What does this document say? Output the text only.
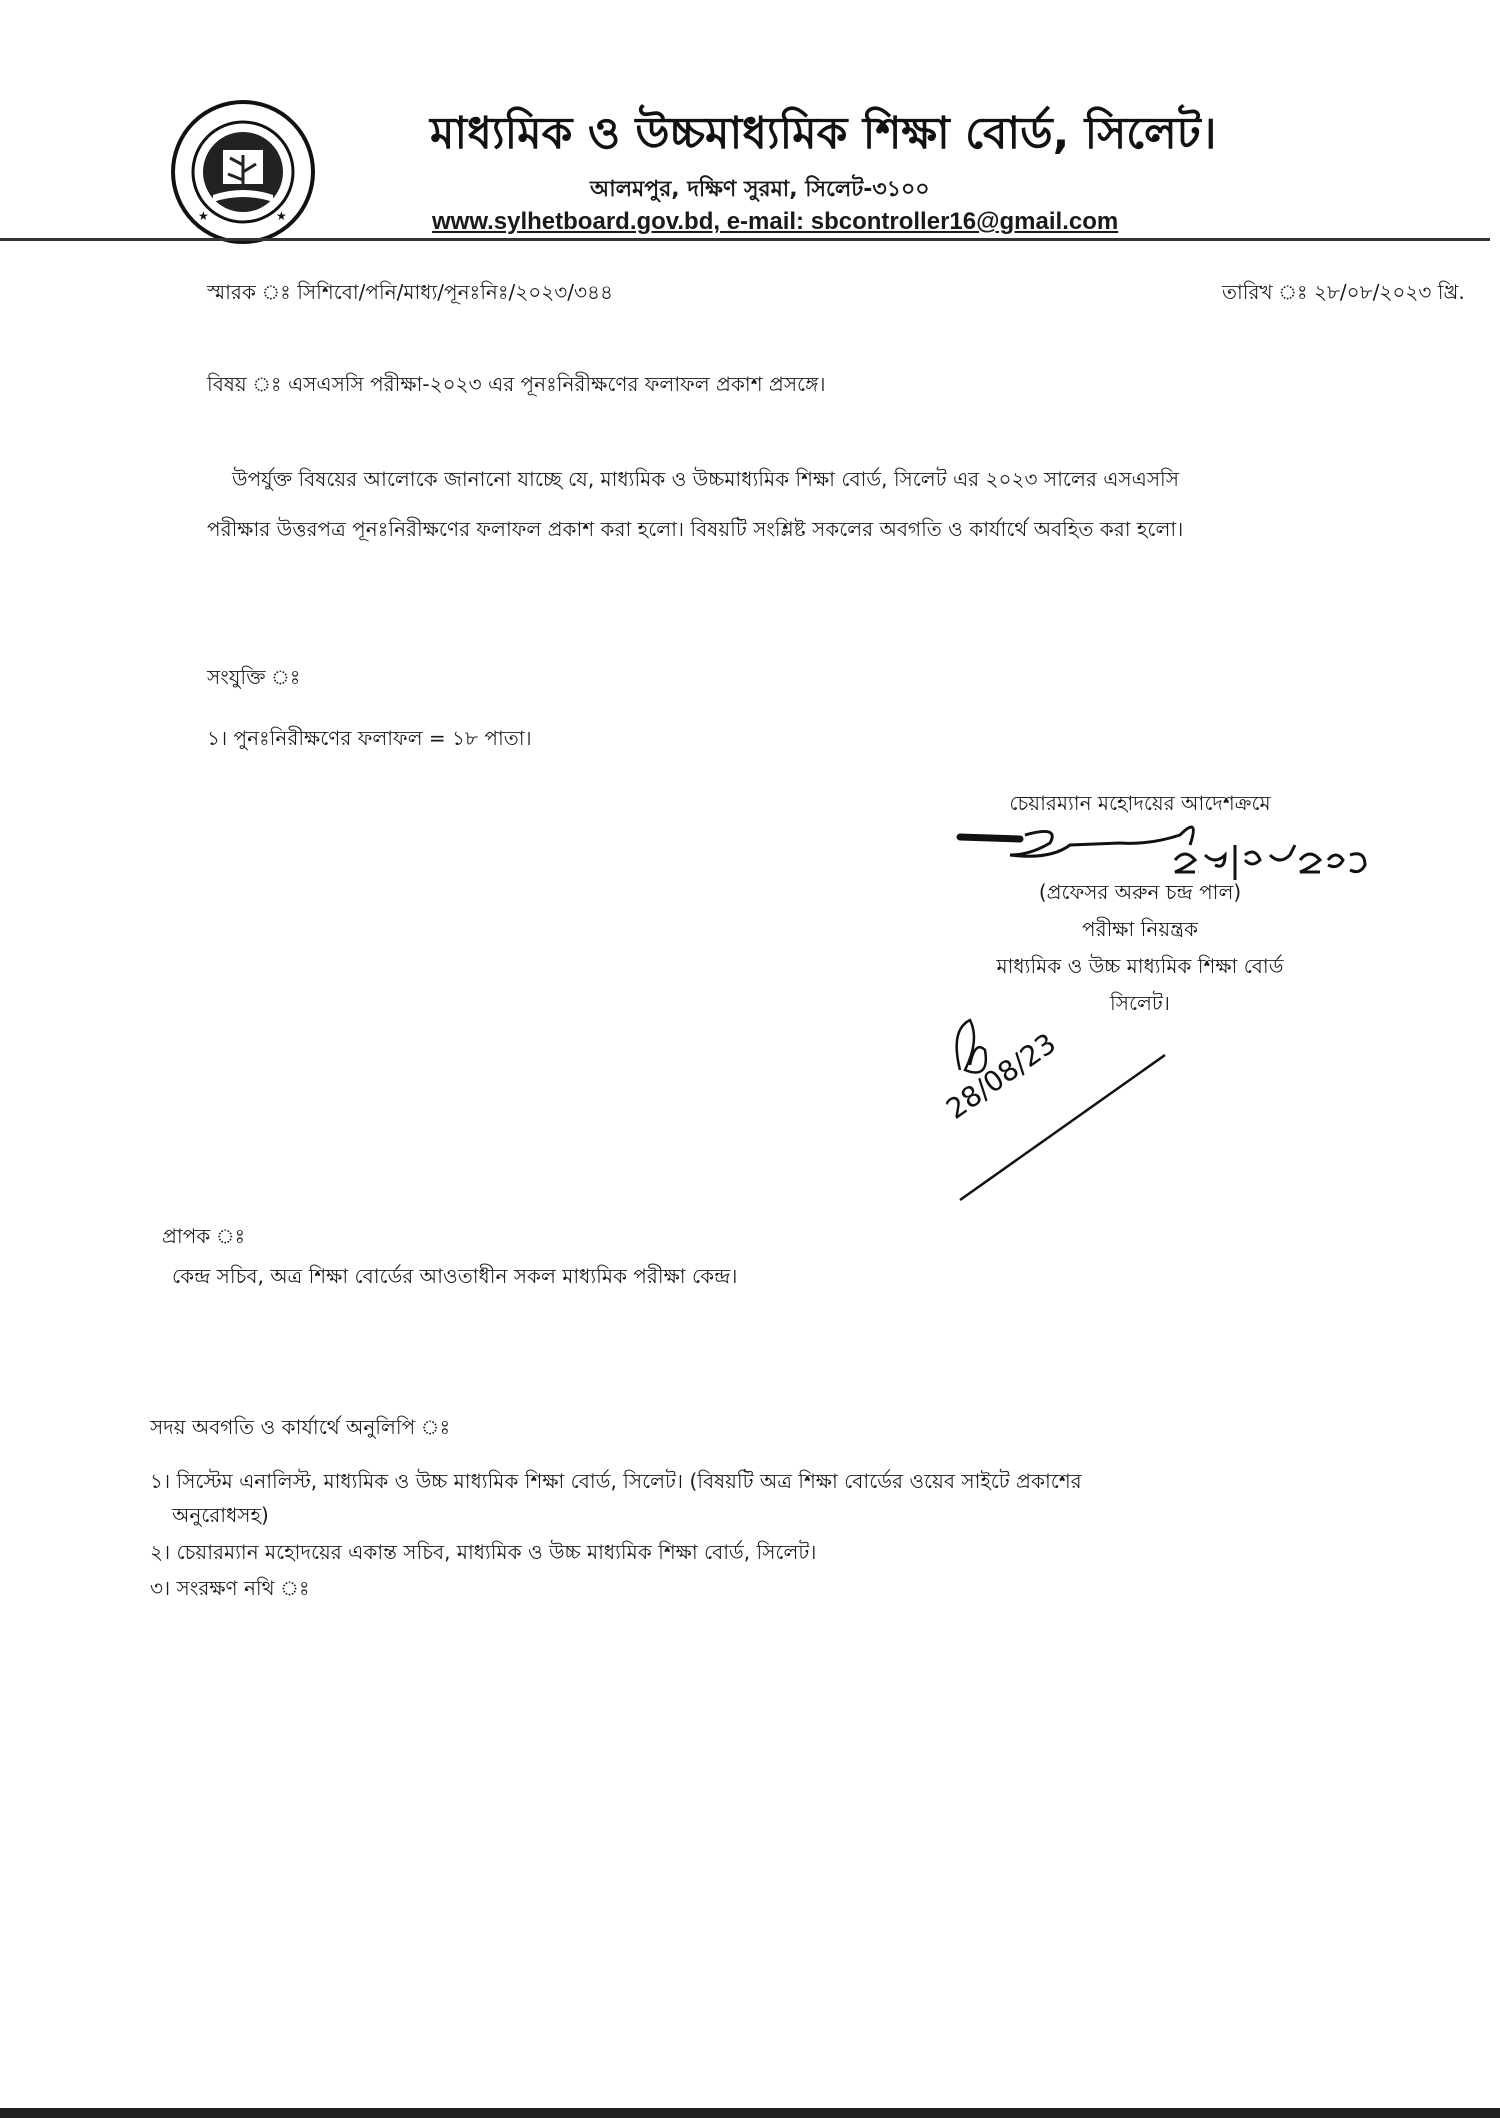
★	★
মাধ্যমিক ও উচ্চমাধ্যমিক শিক্ষা বোর্ড, সিলেট।
আলমপুর, দক্ষিণ সুরমা, সিলেট-৩১০০
www.sylhetboard.gov.bd, e-mail: sbcontroller16@gmail.com
স্মারক ঃ সিশিবো/পনি/মাধ্য/পূনঃনিঃ/২০২৩/৩৪৪	তারিখ ঃ ২৮/০৮/২০২৩ খ্রি.
বিষয় ঃ এসএসসি পরীক্ষা-২০২৩ এর পূনঃনিরীক্ষণের ফলাফল প্রকাশ প্রসঙ্গে।
উপর্যুক্ত বিষয়ের আলোকে জানানো যাচ্ছে যে, মাধ্যমিক ও উচ্চমাধ্যমিক শিক্ষা বোর্ড, সিলেট এর ২০২৩ সালের এসএসসি
পরীক্ষার উত্তরপত্র পূনঃনিরীক্ষণের ফলাফল প্রকাশ করা হলো। বিষয়টি সংশ্লিষ্ট সকলের অবগতি ও কার্যার্থে অবহিত করা হলো।
সংযুক্তি ঃ
১। পুনঃনিরীক্ষণের ফলাফল = ১৮ পাতা।
চেয়ারম্যান মহোদয়ের আদেশক্রমে
(প্রফেসর অরুন চন্দ্র পাল)
পরীক্ষা নিয়ন্ত্রক
মাধ্যমিক ও উচ্চ মাধ্যমিক শিক্ষা বোর্ড
সিলেট।
28/08/23
প্রাপক ঃ
কেন্দ্র সচিব, অত্র শিক্ষা বোর্ডের আওতাধীন সকল মাধ্যমিক পরীক্ষা কেন্দ্র।
সদয় অবগতি ও কার্যার্থে অনুলিপি ঃ
১। সিস্টেম এনালিস্ট, মাধ্যমিক ও উচ্চ মাধ্যমিক শিক্ষা বোর্ড, সিলেট। (বিষয়টি অত্র শিক্ষা বোর্ডের ওয়েব সাইটে প্রকাশের
অনুরোধসহ)
২। চেয়ারম্যান মহোদয়ের একান্ত সচিব, মাধ্যমিক ও উচ্চ মাধ্যমিক শিক্ষা বোর্ড, সিলেট।
৩। সংরক্ষণ নথি ঃ
